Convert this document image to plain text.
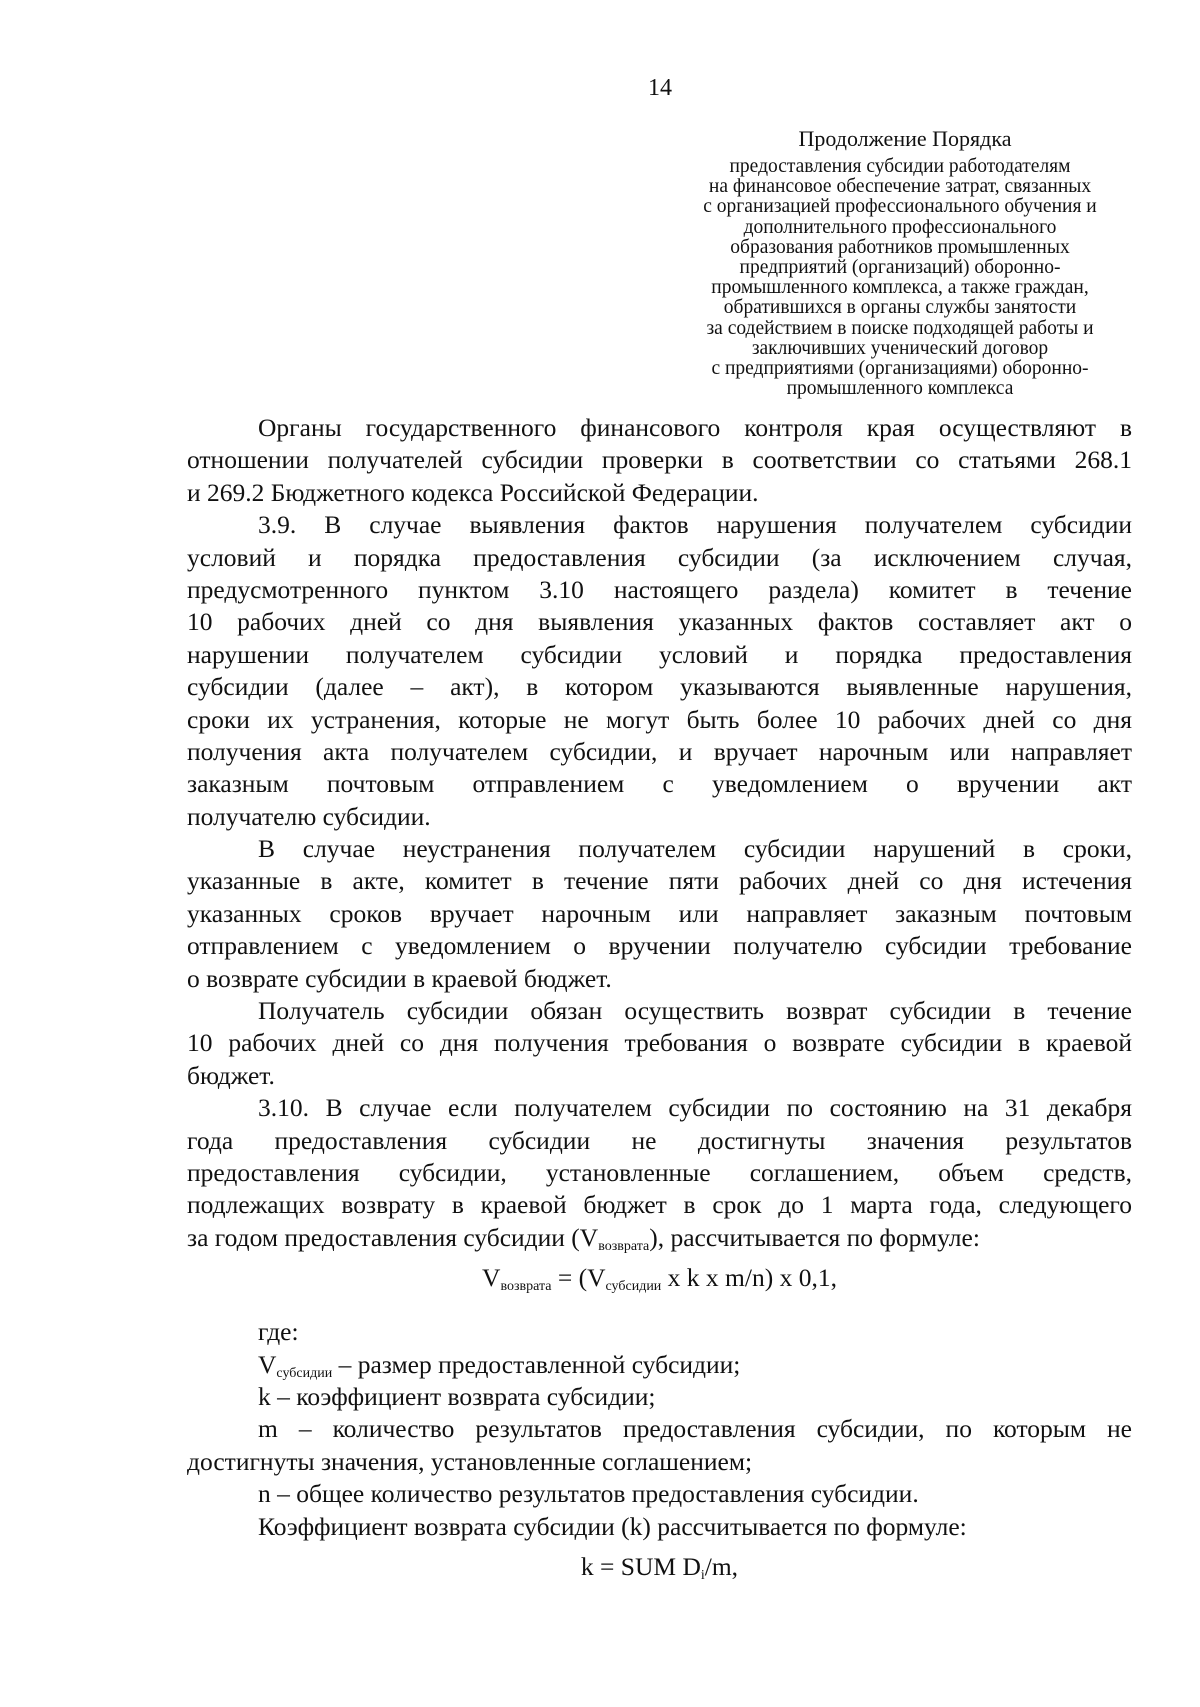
14
Продолжение Порядка
предоставления субсидии работодателям
на финансовое обеспечение затрат, связанных
с организацией профессионального обучения и
дополнительного профессионального
образования работников промышленных
предприятий (организаций) оборонно-
промышленного комплекса, а также граждан,
обратившихся в органы службы занятости
за содействием в поиске подходящей работы и
заключивших ученический договор
с предприятиями (организациями) оборонно-
промышленного комплекса
Органы государственного финансового контроля края осуществляют в
отношении получателей субсидии проверки в соответствии со статьями 268.1
и 269.2 Бюджетного кодекса Российской Федерации.
3.9. В случае выявления фактов нарушения получателем субсидии
условий и порядка предоставления субсидии (за исключением случая,
предусмотренного пунктом 3.10 настоящего раздела) комитет в течение
10 рабочих дней со дня выявления указанных фактов составляет акт о
нарушении получателем субсидии условий и порядка предоставления
субсидии (далее – акт), в котором указываются выявленные нарушения,
сроки их устранения, которые не могут быть более 10 рабочих дней со дня
получения акта получателем субсидии, и вручает нарочным или направляет
заказным почтовым отправлением с уведомлением о вручении акт
получателю субсидии.
В случае неустранения получателем субсидии нарушений в сроки,
указанные в акте, комитет в течение пяти рабочих дней со дня истечения
указанных сроков вручает нарочным или направляет заказным почтовым
отправлением с уведомлением о вручении получателю субсидии требование
о возврате субсидии в краевой бюджет.
Получатель субсидии обязан осуществить возврат субсидии в течение
10 рабочих дней со дня получения требования о возврате субсидии в краевой
бюджет.
3.10. В случае если получателем субсидии по состоянию на 31 декабря
года предоставления субсидии не достигнуты значения результатов
предоставления субсидии, установленные соглашением, объем средств,
подлежащих возврату в краевой бюджет в срок до 1 марта года, следующего
за годом предоставления субсидии $(V_{возврата})$, рассчитывается по формуле:
$V_{возврата} = (V_{субсидии}$ x k x m/n) x 0,1,
где:
$V_{субсидии}$ – размер предоставленной субсидии;
k – коэффициент возврата субсидии;
m – количество результатов предоставления субсидии, по которым не
достигнуты значения, установленные соглашением;
n – общее количество результатов предоставления субсидии.
Коэффициент возврата субсидии (k) рассчитывается по формуле:
k = SUM $D_i/m$,
